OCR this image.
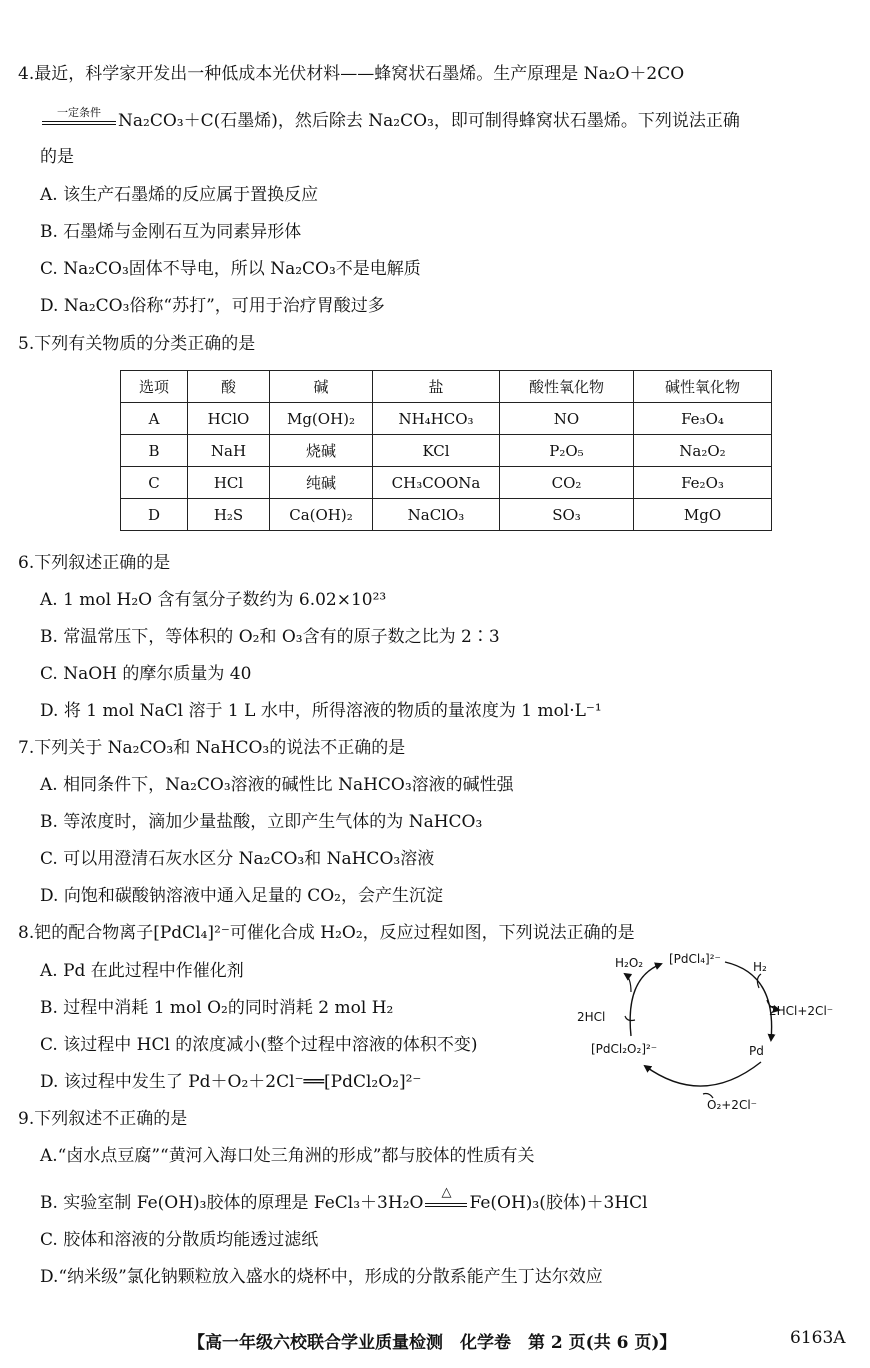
4.最近，科学家开发出一种低成本光伏材料——蜂窝状石墨烯。生产原理是 Na₂O＋2CO
一定条件	Na₂CO₃＋C(石墨烯)，然后除去 Na₂CO₃，即可制得蜂窝状石墨烯。下列说法正确
的是
A. 该生产石墨烯的反应属于置换反应
B. 石墨烯与金刚石互为同素异形体
C. Na₂CO₃固体不导电，所以 Na₂CO₃不是电解质
D. Na₂CO₃俗称“苏打”，可用于治疗胃酸过多
5.下列有关物质的分类正确的是
选项	酸	碱	盐	酸性氧化物	碱性氧化物
A	HClO	Mg(OH)₂	NH₄HCO₃	NO	Fe₃O₄
B	NaH	烧碱	KCl	P₂O₅	Na₂O₂
C	HCl	纯碱	CH₃COONa	CO₂	Fe₂O₃
D	H₂S	Ca(OH)₂	NaClO₃	SO₃	MgO
6.下列叙述正确的是
A. 1 mol H₂O 含有氢分子数约为 6.02×10²³
B. 常温常压下，等体积的 O₂和 O₃含有的原子数之比为 2∶3
C. NaOH 的摩尔质量为 40
D. 将 1 mol NaCl 溶于 1 L 水中，所得溶液的物质的量浓度为 1 mol·L⁻¹
7.下列关于 Na₂CO₃和 NaHCO₃的说法不正确的是
A. 相同条件下，Na₂CO₃溶液的碱性比 NaHCO₃溶液的碱性强
B. 等浓度时，滴加少量盐酸，立即产生气体的为 NaHCO₃
C. 可以用澄清石灰水区分 Na₂CO₃和 NaHCO₃溶液
D. 向饱和碳酸钠溶液中通入足量的 CO₂，会产生沉淀
8.钯的配合物离子[PdCl₄]²⁻可催化合成 H₂O₂，反应过程如图，下列说法正确的是
A. Pd 在此过程中作催化剂
B. 过程中消耗 1 mol O₂的同时消耗 2 mol H₂
C. 该过程中 HCl 的浓度减小(整个过程中溶液的体积不变)
D. 该过程中发生了 Pd＋O₂＋2Cl⁻══[PdCl₂O₂]²⁻
H₂O₂ [PdCl₄]²⁻
H₂
2HCl+2Cl⁻
Pd
[PdCl₂O₂]²⁻
2HCl
O₂+2Cl⁻
9.下列叙述不正确的是
A.“卤水点豆腐”“黄河入海口处三角洲的形成”都与胶体的性质有关
B. 实验室制 Fe(OH)₃胶体的原理是 FeCl₃＋3H₂O
△
Fe(OH)₃(胶体)＋3HCl
C. 胶体和溶液的分散质均能透过滤纸
D.“纳米级”氯化钠颗粒放入盛水的烧杯中，形成的分散系能产生丁达尔效应
【高一年级六校联合学业质量检测　化学卷　第 2 页(共 6 页)】	6163A
